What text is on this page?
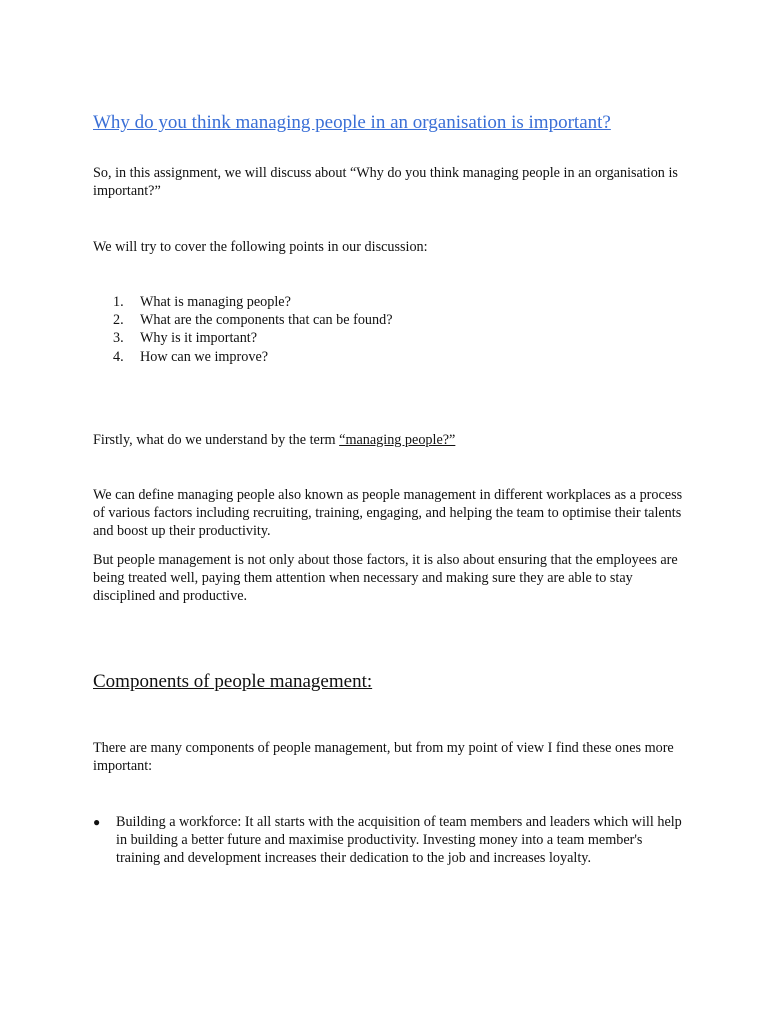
Why do you think managing people in an organisation is important?

So, in this assignment, we will discuss about “Why do you think managing people in an organisation is important?”

We will try to cover the following points in our discussion:

1.	What is managing people?
2.	What are the components that can be found?
3.	Why is it important?
4.	How can we improve?

Firstly, what do we understand by the term “managing people?”

We can define managing people also known as people management in different workplaces as a process of various factors including recruiting, training, engaging, and helping the team to optimise their talents and boost up their productivity.

But people management is not only about those factors, it is also about ensuring that the employees are being treated well, paying them attention when necessary and making sure they are able to stay disciplined and productive.

Components of people management:

There are many components of people management, but from my point of view I find these ones more important:

●	Building a workforce: It all starts with the acquisition of team members and leaders which will help in building a better future and maximise productivity. Investing money into a team member's training and development increases their dedication to the job and increases loyalty.
